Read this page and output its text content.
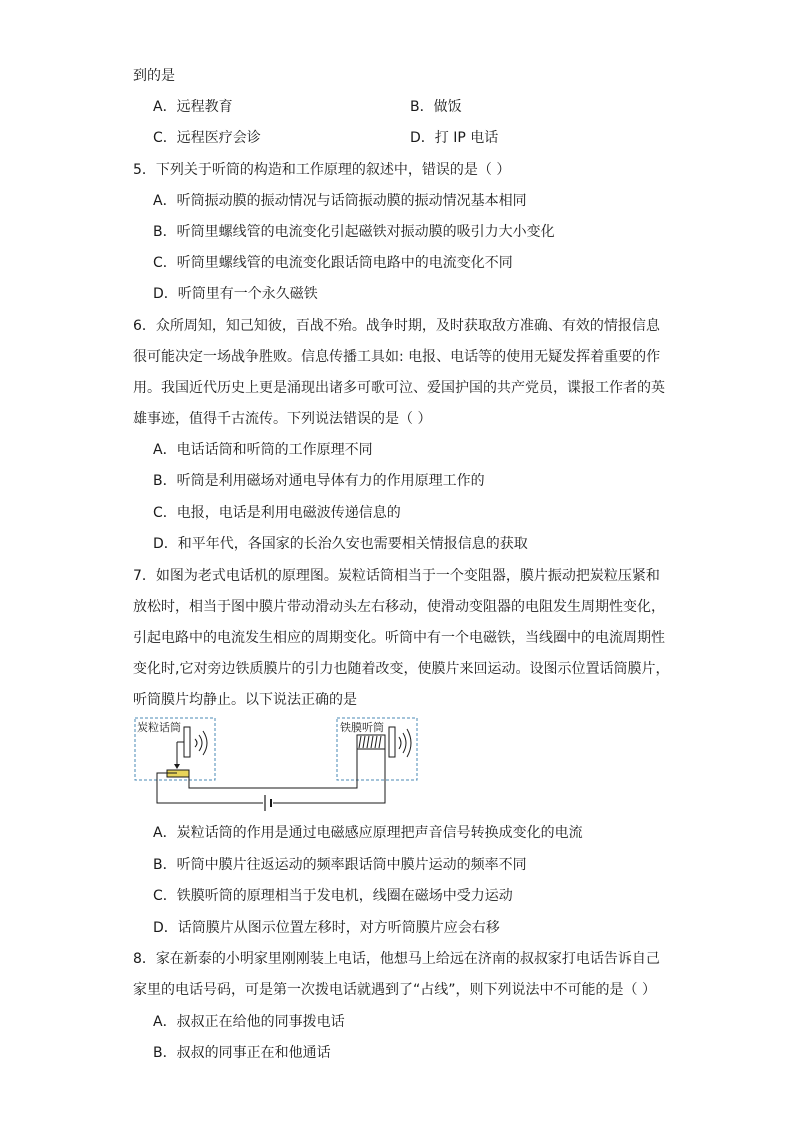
到的是
A．远程教育	B．做饭
C．远程医疗会诊	D．打 IP 电话
5．下列关于听筒的构造和工作原理的叙述中，错误的是（ ）
A．听筒振动膜的振动情况与话筒振动膜的振动情况基本相同
B．听筒里螺线管的电流变化引起磁铁对振动膜的吸引力大小变化
C．听筒里螺线管的电流变化跟话筒电路中的电流变化不同
D．听筒里有一个永久磁铁
6．众所周知，知己知彼，百战不殆。战争时期，及时获取敌方准确、有效的情报信息
很可能决定一场战争胜败。信息传播工具如: 电报、电话等的使用无疑发挥着重要的作
用。我国近代历史上更是涌现出诸多可歌可泣、爱国护国的共产党员，谍报工作者的英
雄事迹，值得千古流传。下列说法错误的是（ ）
A．电话话筒和听筒的工作原理不同
B．听筒是利用磁场对通电导体有力的作用原理工作的
C．电报，电话是利用电磁波传递信息的
D．和平年代，各国家的长治久安也需要相关情报信息的获取
7．如图为老式电话机的原理图。炭粒话筒相当于一个变阻器，膜片振动把炭粒压紧和
放松时，相当于图中膜片带动滑动头左右移动，使滑动变阻器的电阻发生周期性变化，
引起电路中的电流发生相应的周期变化。听筒中有一个电磁铁，当线圈中的电流周期性
变化时,它对旁边铁质膜片的引力也随着改变，使膜片来回运动。设图示位置话筒膜片，
听筒膜片均静止。以下说法正确的是
炭粒话筒	铁膜听筒
A．炭粒话筒的作用是通过电磁感应原理把声音信号转换成变化的电流
B．听筒中膜片往返运动的频率跟话筒中膜片运动的频率不同
C．铁膜听筒的原理相当于发电机，线圈在磁场中受力运动
D．话筒膜片从图示位置左移时，对方听筒膜片应会右移
8．家在新泰的小明家里刚刚装上电话，他想马上给远在济南的叔叔家打电话告诉自己
家里的电话号码，可是第一次拨电话就遇到了“占线”，则下列说法中不可能的是（ ）
A．叔叔正在给他的同事拨电话
B．叔叔的同事正在和他通话
